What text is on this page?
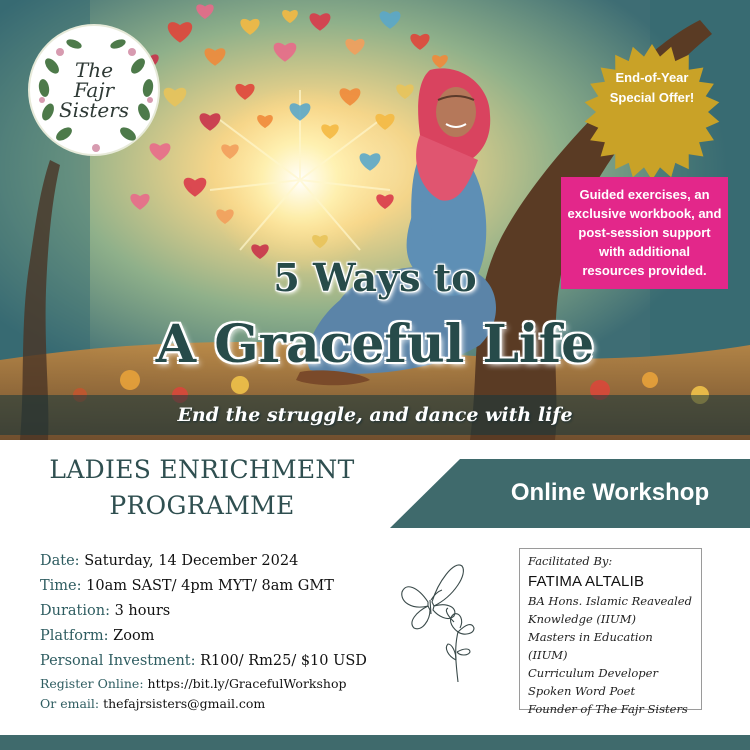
The Fajr Sisters
End-of-Year Special Offer!
Guided exercises, an exclusive workbook, and post-session support with additional resources provided.
5 Ways to
A Graceful Life
End the struggle, and dance with life
LADIES ENRICHMENT
PROGRAMME	Online Workshop
Date: Saturday, 14 December 2024
Time: 10am SAST/ 4pm MYT/ 8am GMT
Duration: 3 hours
Platform: Zoom
Personal Investment: R100/ Rm25/ $10 USD
Register Online: https://bit.ly/GracefulWorkshop
Or email: thefajrsisters@gmail.com
Facilitated By:
FATIMA ALTALIB
BA Hons. Islamic Reavealed Knowledge (IIUM)
Masters in Education (IIUM)
Curriculum Developer
Spoken Word Poet
Founder of The Fajr Sisters
